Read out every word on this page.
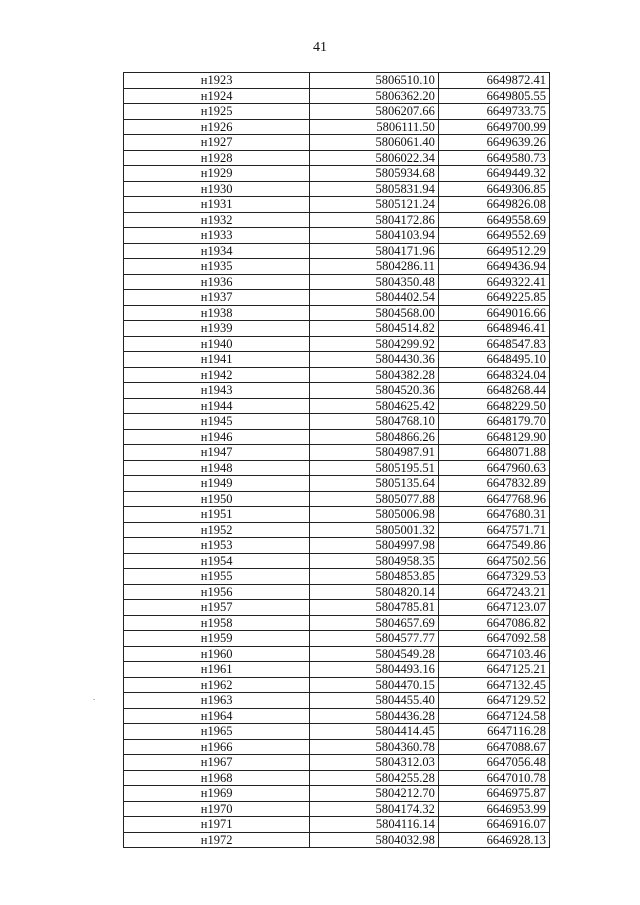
41
.
н1923	5806510.10	6649872.41
н1924	5806362.20	6649805.55
н1925	5806207.66	6649733.75
н1926	5806111.50	6649700.99
н1927	5806061.40	6649639.26
н1928	5806022.34	6649580.73
н1929	5805934.68	6649449.32
н1930	5805831.94	6649306.85
н1931	5805121.24	6649826.08
н1932	5804172.86	6649558.69
н1933	5804103.94	6649552.69
н1934	5804171.96	6649512.29
н1935	5804286.11	6649436.94
н1936	5804350.48	6649322.41
н1937	5804402.54	6649225.85
н1938	5804568.00	6649016.66
н1939	5804514.82	6648946.41
н1940	5804299.92	6648547.83
н1941	5804430.36	6648495.10
н1942	5804382.28	6648324.04
н1943	5804520.36	6648268.44
н1944	5804625.42	6648229.50
н1945	5804768.10	6648179.70
н1946	5804866.26	6648129.90
н1947	5804987.91	6648071.88
н1948	5805195.51	6647960.63
н1949	5805135.64	6647832.89
н1950	5805077.88	6647768.96
н1951	5805006.98	6647680.31
н1952	5805001.32	6647571.71
н1953	5804997.98	6647549.86
н1954	5804958.35	6647502.56
н1955	5804853.85	6647329.53
н1956	5804820.14	6647243.21
н1957	5804785.81	6647123.07
н1958	5804657.69	6647086.82
н1959	5804577.77	6647092.58
н1960	5804549.28	6647103.46
н1961	5804493.16	6647125.21
н1962	5804470.15	6647132.45
н1963	5804455.40	6647129.52
н1964	5804436.28	6647124.58
н1965	5804414.45	6647116.28
н1966	5804360.78	6647088.67
н1967	5804312.03	6647056.48
н1968	5804255.28	6647010.78
н1969	5804212.70	6646975.87
н1970	5804174.32	6646953.99
н1971	5804116.14	6646916.07
н1972	5804032.98	6646928.13
